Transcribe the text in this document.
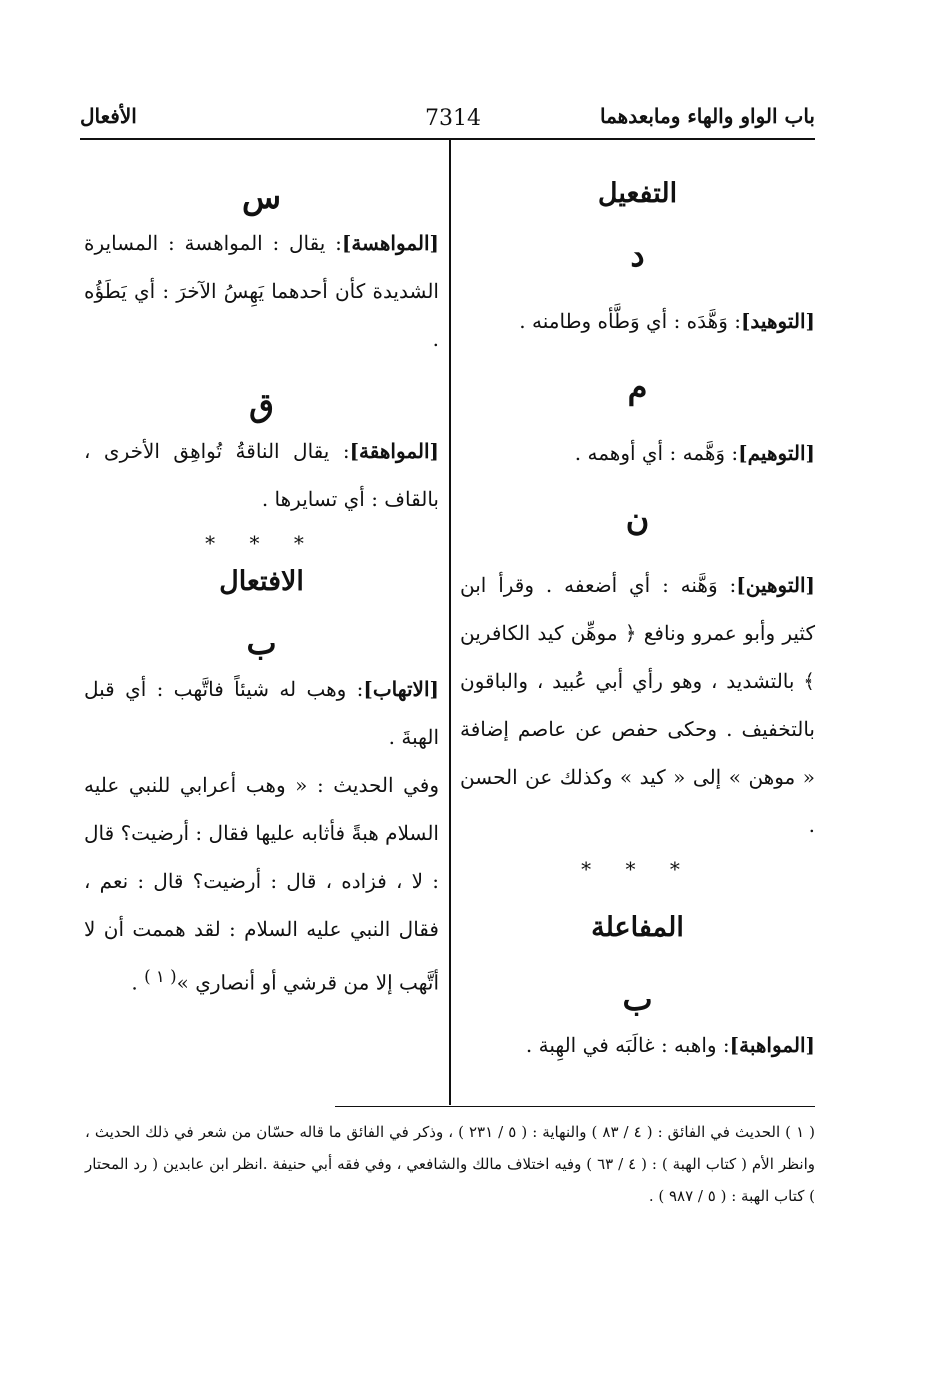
باب الواو والهاء ومابعدهما
7314
الأفعال

التفعيل

د

[التوهيد]: وَهَّدَه : أي وَطَّأه وطامنه .

م

[التوهيم]: وَهَّمه : أي أوهمه .

ن

[التوهين]: وَهَّنه : أي أضعفه . وقرأ ابن كثير وأبو عمرو ونافع ﴿ موهِّن كيد الكافرين ﴾ بالتشديد ، وهو رأي أبي عُبيد ، والباقون بالتخفيف . وحكى حفص عن عاصم إضافة « موهن » إلى « كيد » وكذلك عن الحسن .

* * *

المفاعلة

ب

[المواهبة]: واهبه : غالَبَه في الهِبة .

س

[المواهسة]: يقال : المواهسة : المسايرة الشديدة كأن أحدهما يَهِسُ الآخرَ : أي يَطَؤُه .

ق

[المواهقة]: يقال الناقةُ تُواهِق الأخرى ، بالقاف : أي تسايرها .

* * *

الافتعال

ب

[الاتهاب]: وهب له شيئاً فاتَّهب : أي قبل الهبةَ .

وفي الحديث : « وهب أعرابي للنبي عليه السلام هبةً فأثابه عليها فقال : أرضيت؟ قال : لا ، فزاده ، قال : أرضيت؟ قال : نعم ، فقال النبي عليه السلام : لقد هممت أن لا أتَّهب إلا من قرشي أو أنصاري »$^{( ١ )}$ .

( ١ ) الحديث في الفائق : ( ٤ / ٨٣ ) والنهاية : ( ٥ / ٢٣١ ) ، وذكر في الفائق ما قاله حسّان من شعر في ذلك الحديث ، وانظر الأم ( كتاب الهبة ) : ( ٤ / ٦٣ ) وفيه اختلاف مالك والشافعي ، وفي فقه أبي حنيفة .انظر ابن عابدين ( رد المحتار ) كتاب الهبة : ( ٥ / ٩٨٧ ) .
